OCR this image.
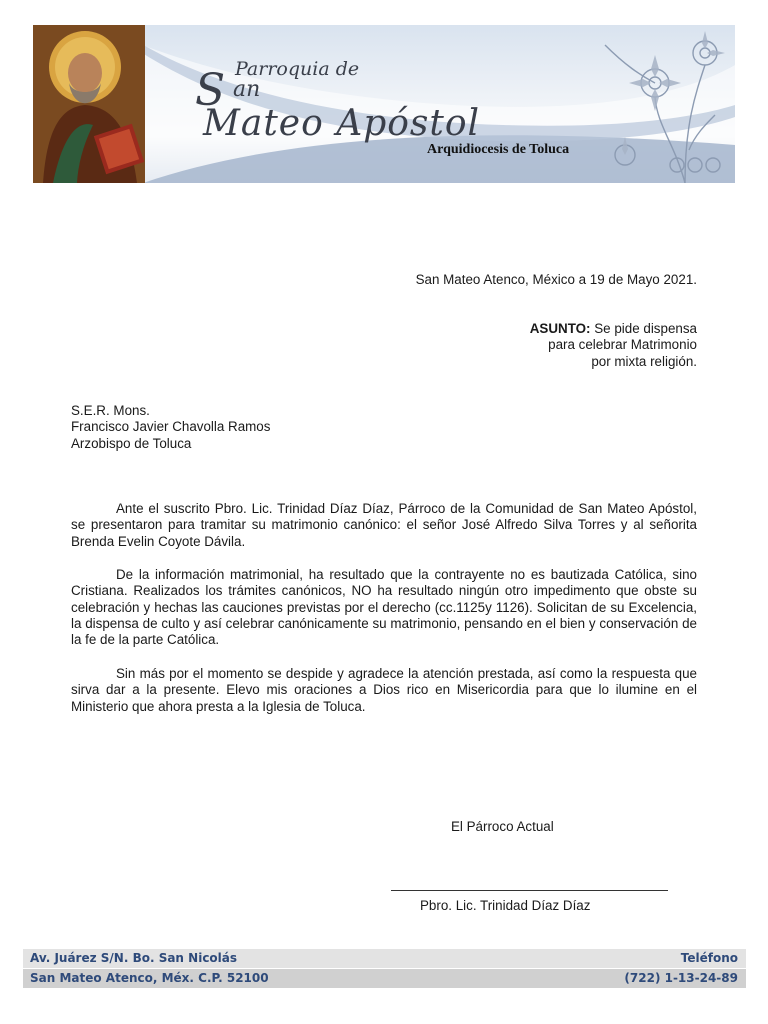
S Parroquia de
an
Mateo Apóstol
Arquidiocesis de Toluca
San Mateo Atenco, México a 19 de Mayo 2021.
ASUNTO: Se pide dispensa
para celebrar Matrimonio
por mixta religión.
S.E.R. Mons.
Francisco Javier Chavolla Ramos
Arzobispo de Toluca
Ante el suscrito Pbro. Lic. Trinidad Díaz Díaz, Párroco de la Comunidad de San Mateo Apóstol, se presentaron para tramitar su matrimonio canónico: el señor José Alfredo Silva Torres y al señorita Brenda Evelin Coyote Dávila.
De la información matrimonial, ha resultado que la contrayente no es bautizada Católica, sino Cristiana. Realizados los trámites canónicos, NO ha resultado ningún otro impedimento que obste su celebración y hechas las cauciones previstas por el derecho (cc.1125y 1126). Solicitan de su Excelencia, la dispensa de culto y así celebrar canónicamente su matrimonio, pensando en el bien y conservación de la fe de la parte Católica.
Sin más por el momento se despide y agradece la atención prestada, así como la respuesta que sirva dar a la presente. Elevo mis oraciones a Dios rico en Misericordia para que lo ilumine en el Ministerio que ahora presta a la Iglesia de Toluca.
El Párroco Actual
Pbro. Lic. Trinidad Díaz Díaz
Av. Juárez S/N. Bo. San Nicolás	Teléfono
San Mateo Atenco, Méx. C.P. 52100	(722) 1-13-24-89
